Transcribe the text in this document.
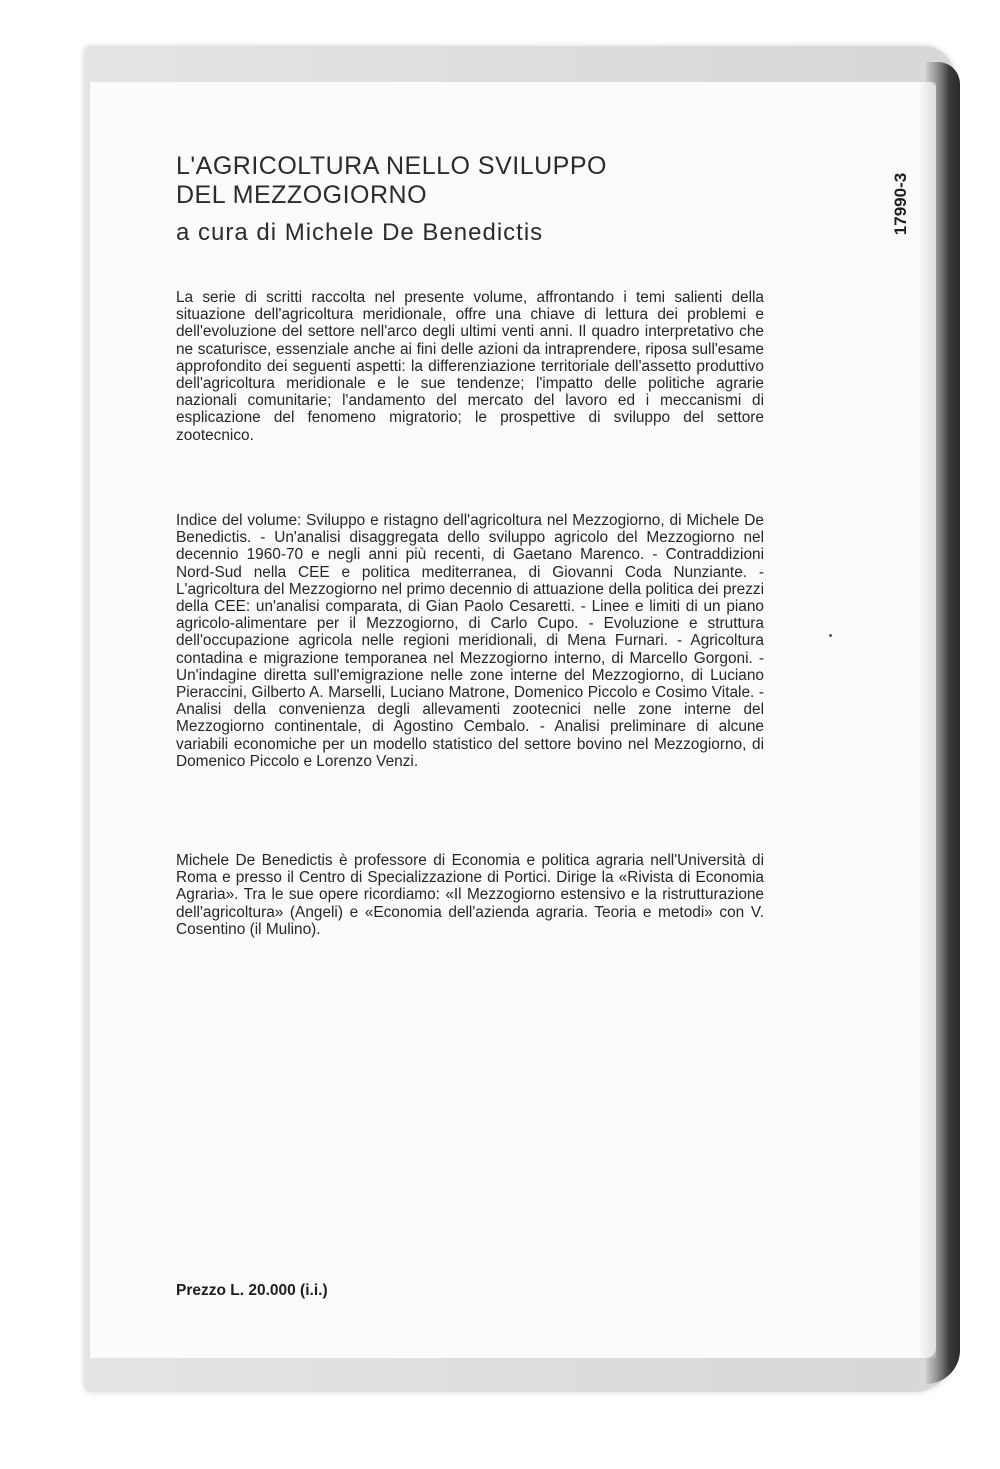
L'AGRICOLTURA NELLO SVILUPPO
DEL MEZZOGIORNO
a cura di Michele De Benedictis	17990-3

La serie di scritti raccolta nel presente volume, affrontando i temi salienti della situazione dell'agricoltura meridionale, offre una chiave di lettura dei problemi e dell'evoluzione del settore nell'arco degli ultimi venti anni. Il quadro interpretativo che ne scaturisce, essenziale anche ai fini delle azioni da intraprendere, riposa sull'esame approfondito dei seguenti aspetti: la differenziazione territoriale dell'assetto produttivo dell'agricoltura meridionale e le sue tendenze; l'impatto delle politiche agrarie nazionali comunitarie; l'andamento del mercato del lavoro ed i meccanismi di esplicazione del fenomeno migratorio; le prospettive di sviluppo del settore zootecnico.

Indice del volume: Sviluppo e ristagno dell'agricoltura nel Mezzogiorno, di Michele De Benedictis. - Un'analisi disaggregata dello sviluppo agricolo del Mezzogiorno nel decennio 1960-70 e negli anni più recenti, di Gaetano Marenco. - Contraddizioni Nord-Sud nella CEE e politica mediterranea, di Giovanni Coda Nunziante. - L'agricoltura del Mezzogiorno nel primo decennio di attuazione della politica dei prezzi della CEE: un'analisi comparata, di Gian Paolo Cesaretti. - Linee e limiti di un piano agricolo-alimentare per il Mezzogiorno, di Carlo Cupo. - Evoluzione e struttura dell'occupazione agricola nelle regioni meridionali, di Mena Furnari. - Agricoltura contadina e migrazione temporanea nel Mezzogiorno interno, di Marcello Gorgoni. - Un'indagine diretta sull'emigrazione nelle zone interne del Mezzogiorno, di Luciano Pieraccini, Gilberto A. Marselli, Luciano Matrone, Domenico Piccolo e Cosimo Vitale. - Analisi della convenienza degli allevamenti zootecnici nelle zone interne del Mezzogiorno continentale, di Agostino Cembalo. - Analisi preliminare di alcune variabili economiche per un modello statistico del settore bovino nel Mezzogiorno, di Domenico Piccolo e Lorenzo Venzi.

Michele De Benedictis è professore di Economia e politica agraria nell'Università di Roma e presso il Centro di Specializzazione di Portici. Dirige la «Rivista di Economia Agraria». Tra le sue opere ricordiamo: «Il Mezzogiorno estensivo e la ristrutturazione dell'agricoltura» (Angeli) e «Economia dell'azienda agraria. Teoria e metodi» con V. Cosentino (il Mulino).

Prezzo L. 20.000 (i.i.)
